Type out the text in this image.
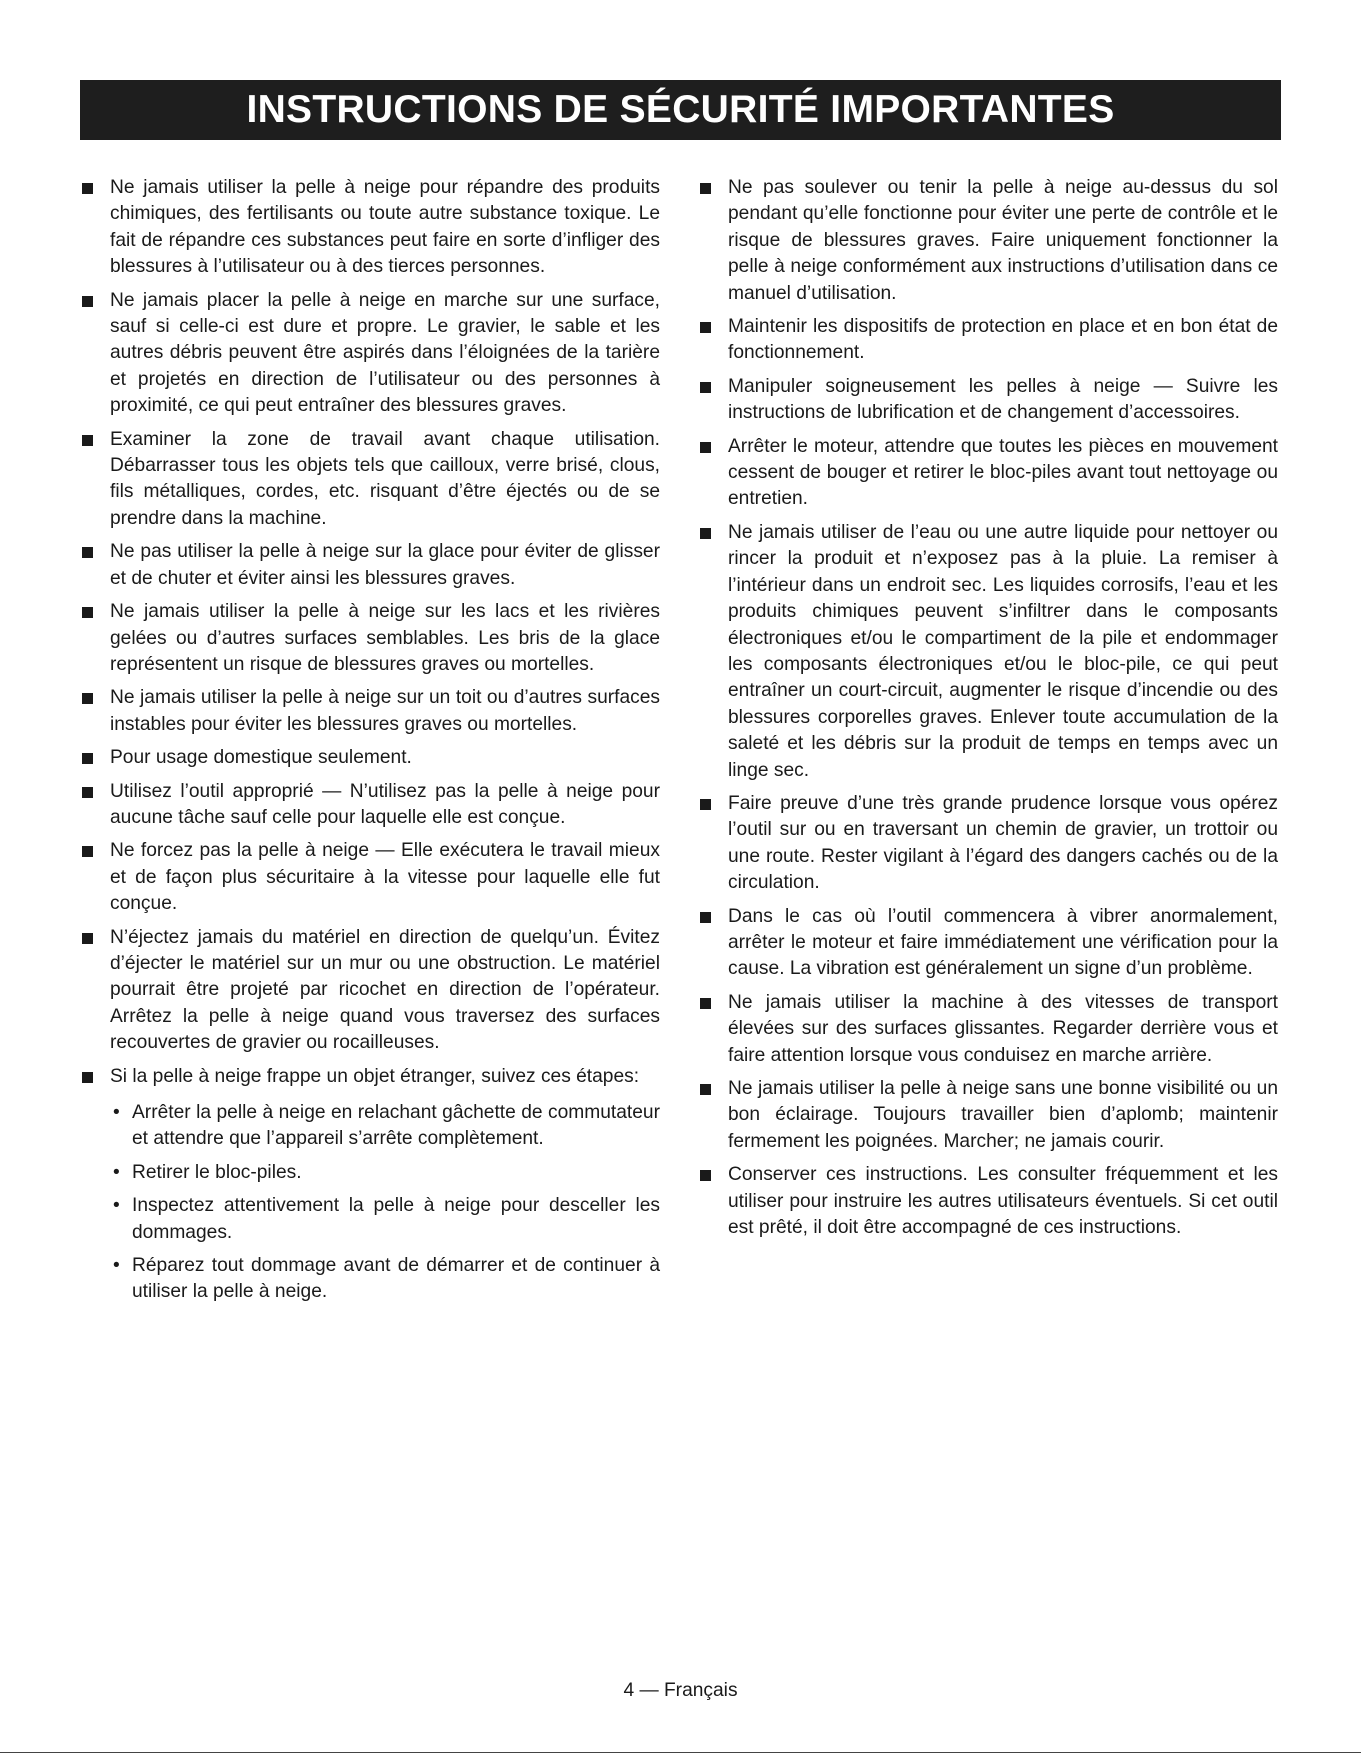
INSTRUCTIONS DE SÉCURITÉ IMPORTANTES
Ne jamais utiliser la pelle à neige pour répandre des produits chimiques, des fertilisants ou toute autre substance toxique. Le fait de répandre ces substances peut faire en sorte d’infliger des blessures à l’utilisateur ou à des tierces personnes.
Ne jamais placer la pelle à neige en marche sur une surface, sauf si celle-ci est dure et propre. Le gravier, le sable et les autres débris peuvent être aspirés dans l’éloignées de la tarière et projetés en direction de l’utilisateur ou des personnes à proximité, ce qui peut entraîner des blessures graves.
Examiner la zone de travail avant chaque utilisation. Débarrasser tous les objets tels que cailloux, verre brisé, clous, fils métalliques, cordes, etc. risquant d’être éjectés ou de se prendre dans la machine.
Ne pas utiliser la pelle à neige sur la glace pour éviter de glisser et de chuter et éviter ainsi les blessures graves.
Ne jamais utiliser la pelle à neige sur les lacs et les rivières gelées ou d’autres surfaces semblables. Les bris de la glace représentent un risque de blessures graves ou mortelles.
Ne jamais utiliser la pelle à neige sur un toit ou d’autres surfaces instables pour éviter les blessures graves ou mortelles.
Pour usage domestique seulement.
Utilisez l’outil approprié — N’utilisez pas la pelle à neige pour aucune tâche sauf celle pour laquelle elle est conçue.
Ne forcez pas la pelle à neige — Elle exécutera le travail mieux et de façon plus sécuritaire à la vitesse pour laquelle elle fut conçue.
N’éjectez jamais du matériel en direction de quelqu’un. Évitez d’éjecter le matériel sur un mur ou une obstruction. Le matériel pourrait être projeté par ricochet en direction de l’opérateur. Arrêtez la pelle à neige quand vous traversez des surfaces recouvertes de gravier ou rocailleuses.
Si la pelle à neige frappe un objet étranger, suivez ces étapes:
• Arrêter la pelle à neige en relachant gâchette de commutateur et attendre que l’appareil s’arrête complètement.
• Retirer le bloc-piles.
• Inspectez attentivement la pelle à neige pour desceller les dommages.
• Réparez tout dommage avant de démarrer et de continuer à utiliser la pelle à neige.
Ne pas soulever ou tenir la pelle à neige au-dessus du sol pendant qu’elle fonctionne pour éviter une perte de contrôle et le risque de blessures graves. Faire uniquement fonctionner la pelle à neige conformément aux instructions d’utilisation dans ce manuel d’utilisation.
Maintenir les dispositifs de protection en place et en bon état de fonctionnement.
Manipuler soigneusement les pelles à neige — Suivre les instructions de lubrification et de changement d’accessoires.
Arrêter le moteur, attendre que toutes les pièces en mouvement cessent de bouger et retirer le bloc-piles avant tout nettoyage ou entretien.
Ne jamais utiliser de l’eau ou une autre liquide pour nettoyer ou rincer la produit et n’exposez pas à la pluie. La remiser à l’intérieur dans un endroit sec. Les liquides corrosifs, l’eau et les produits chimiques peuvent s’infiltrer dans le composants électroniques et/ou le compartiment de la pile et endommager les composants électroniques et/ou le bloc-pile, ce qui peut entraîner un court-circuit, augmenter le risque d’incendie ou des blessures corporelles graves. Enlever toute accumulation de la saleté et les débris sur la produit de temps en temps avec un linge sec.
Faire preuve d’une très grande prudence lorsque vous opérez l’outil sur ou en traversant un chemin de gravier, un trottoir ou une route. Rester vigilant à l’égard des dangers cachés ou de la circulation.
Dans le cas où l’outil commencera à vibrer anormalement, arrêter le moteur et faire immédiatement une vérification pour la cause. La vibration est généralement un signe d’un problème.
Ne jamais utiliser la machine à des vitesses de transport élevées sur des surfaces glissantes. Regarder derrière vous et faire attention lorsque vous conduisez en marche arrière.
Ne jamais utiliser la pelle à neige sans une bonne visibilité ou un bon éclairage. Toujours travailler bien d’aplomb; maintenir fermement les poignées. Marcher; ne jamais courir.
Conserver ces instructions. Les consulter fréquemment et les utiliser pour instruire les autres utilisateurs éventuels. Si cet outil est prêté, il doit être accompagné de ces instructions.
4 — Français
